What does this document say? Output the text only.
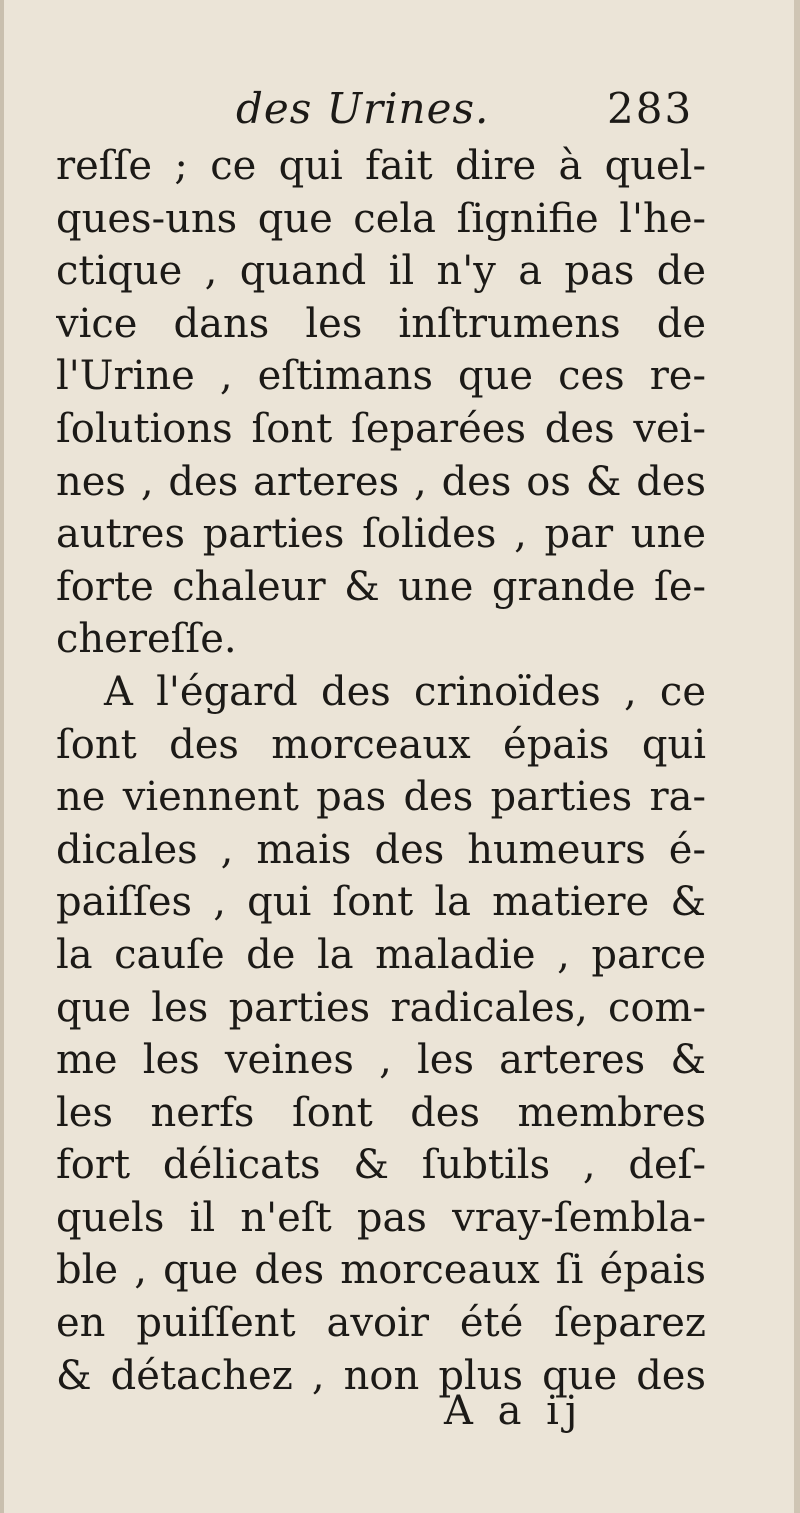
des Urines.	283
reſſe ; ce qui fait dire à quel-
ques-uns que cela ſignifie l'he-
ctique , quand il n'y a pas de
vice dans les inſtrumens de
l'Urine , eſtimans que ces re-
ſolutions ſont ſeparées des vei-
nes , des arteres , des os & des
autres parties ſolides , par une
forte chaleur & une grande ſe-
chereſſe.
A l'égard des crinoïdes , ce
ſont des morceaux épais qui
ne viennent pas des parties ra-
dicales , mais des humeurs é-
paiſſes , qui ſont la matiere &
la cauſe de la maladie , parce
que les parties radicales, com-
me les veines , les arteres &
les nerfs ſont des membres
fort délicats & ſubtils , deſ-
quels il n'eſt pas vray-ſembla-
ble , que des morceaux ſi épais
en puiſſent avoir été ſeparez
& détachez , non plus que des
A a ij
